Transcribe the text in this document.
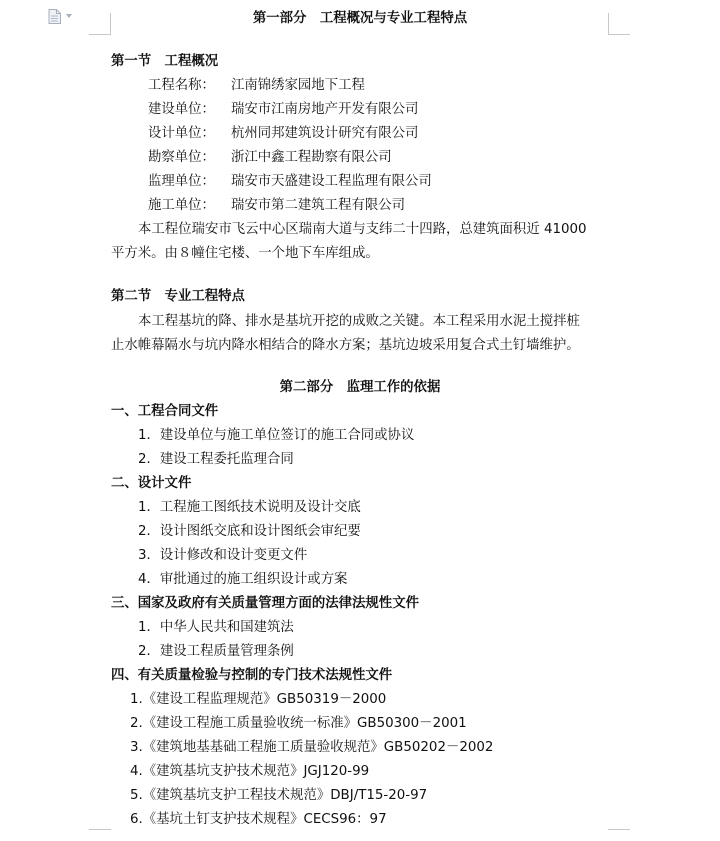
第一部分　工程概况与专业工程特点
第一节　工程概况
工程名称： 江南锦绣家园地下工程
建设单位： 瑞安市江南房地产开发有限公司
设计单位： 杭州同邦建筑设计研究有限公司
勘察单位： 浙江中鑫工程勘察有限公司
监理单位： 瑞安市天盛建设工程监理有限公司
施工单位： 瑞安市第二建筑工程有限公司
本工程位瑞安市飞云中心区瑞南大道与支纬二十四路，总建筑面积近 41000
平方米。由８幢住宅楼、一个地下车库组成。
第二节　专业工程特点
本工程基坑的降、排水是基坑开挖的成败之关键。本工程采用水泥土搅拌桩
止水帷幕隔水与坑内降水相结合的降水方案；基坑边坡采用复合式土钉墙维护。
第二部分　监理工作的依据
一、工程合同文件
1．建设单位与施工单位签订的施工合同或协议
2．建设工程委托监理合同
二、设计文件
1．工程施工图纸技术说明及设计交底
2．设计图纸交底和设计图纸会审纪要
3．设计修改和设计变更文件
4．审批通过的施工组织设计或方案
三、国家及政府有关质量管理方面的法律法规性文件
1．中华人民共和国建筑法
2．建设工程质量管理条例
四、有关质量检验与控制的专门技术法规性文件
1.《建设工程监理规范》GB50319－2000
2.《建设工程施工质量验收统一标准》GB50300－2001
3.《建筑地基基础工程施工质量验收规范》GB50202－2002
4.《建筑基坑支护技术规范》JGJ120-99
5.《建筑基坑支护工程技术规范》DBJ/T15-20-97
6.《基坑土钉支护技术规程》CECS96：97
